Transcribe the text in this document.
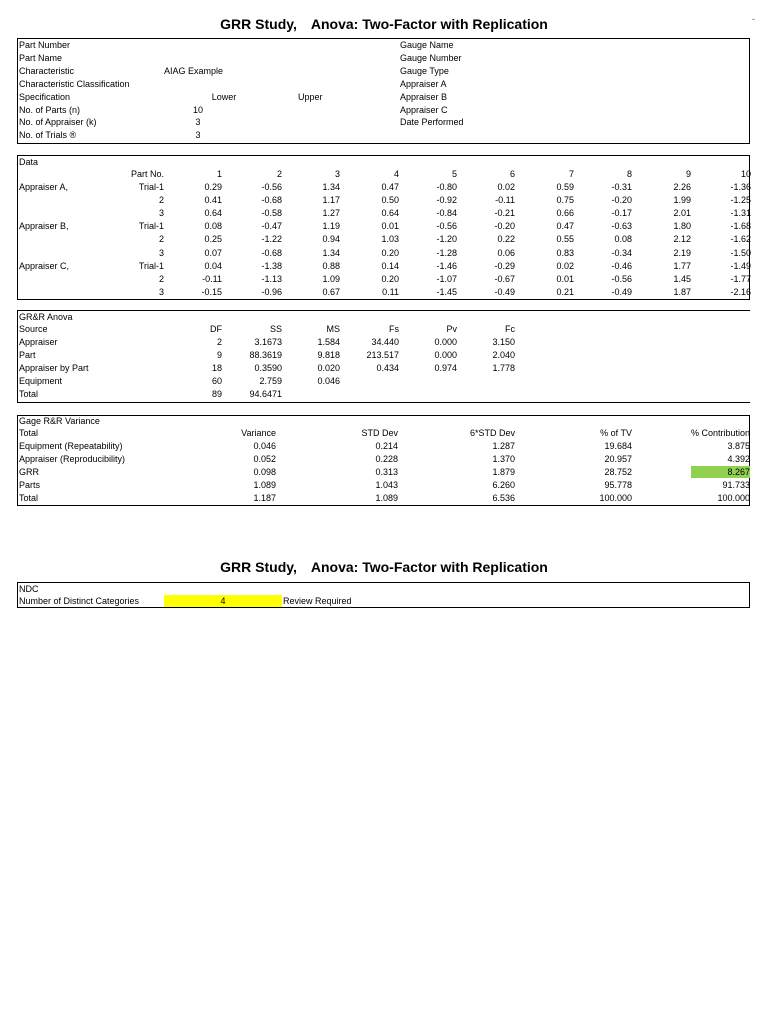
GRR Study, Anova: Two-Factor with Replication	-
Part Number
Part Name
Characteristic	AIAG Example
Characteristic Classification
Specification	Lower	Upper
No. of Parts (n)	10
No. of Appraiser (k)	3
No. of Trials ®	3
Gauge Name
Gauge Number
Gauge Type
Appraiser A
Appraiser B
Appraiser C
Date Performed
Data
Part No.	1	2	3	4	5	6	7	8	9	10
Appraiser A,	Trial-1	0.29	-0.56	1.34	0.47	-0.80	0.02	0.59	-0.31	2.26	-1.36
2	0.41	-0.68	1.17	0.50	-0.92	-0.11	0.75	-0.20	1.99	-1.25
3	0.64	-0.58	1.27	0.64	-0.84	-0.21	0.66	-0.17	2.01	-1.31
Appraiser B,	Trial-1	0.08	-0.47	1.19	0.01	-0.56	-0.20	0.47	-0.63	1.80	-1.68
2	0.25	-1.22	0.94	1.03	-1.20	0.22	0.55	0.08	2.12	-1.62
3	0.07	-0.68	1.34	0.20	-1.28	0.06	0.83	-0.34	2.19	-1.50
Appraiser C,	Trial-1	0.04	-1.38	0.88	0.14	-1.46	-0.29	0.02	-0.46	1.77	-1.49
2	-0.11	-1.13	1.09	0.20	-1.07	-0.67	0.01	-0.56	1.45	-1.77
3	-0.15	-0.96	0.67	0.11	-1.45	-0.49	0.21	-0.49	1.87	-2.16
GR&R Anova
Source	DF	SS	MS	Fs	Pv	Fc
Appraiser	2	3.1673	1.584	34.440	0.000	3.150
Part	9	88.3619	9.818	213.517	0.000	2.040
Appraiser by Part	18	0.3590	0.020	0.434	0.974	1.778
Equipment	60	2.759	0.046
Total	89	94.6471
Gage R&R Variance
Total	Variance	STD Dev	6*STD Dev	% of TV	% Contribution
Equipment (Repeatability)	0.046	0.214	1.287	19.684	3.875
Appraiser (Reproducibility)	0.052	0.228	1.370	20.957	4.392
GRR	0.098	0.313	1.879	28.752	8.267
Parts	1.089	1.043	6.260	95.778	91.733
Total	1.187	1.089	6.536	100.000	100.000
GRR Study, Anova: Two-Factor with Replication
NDC
Number of Distinct Categories	4	Review Required
